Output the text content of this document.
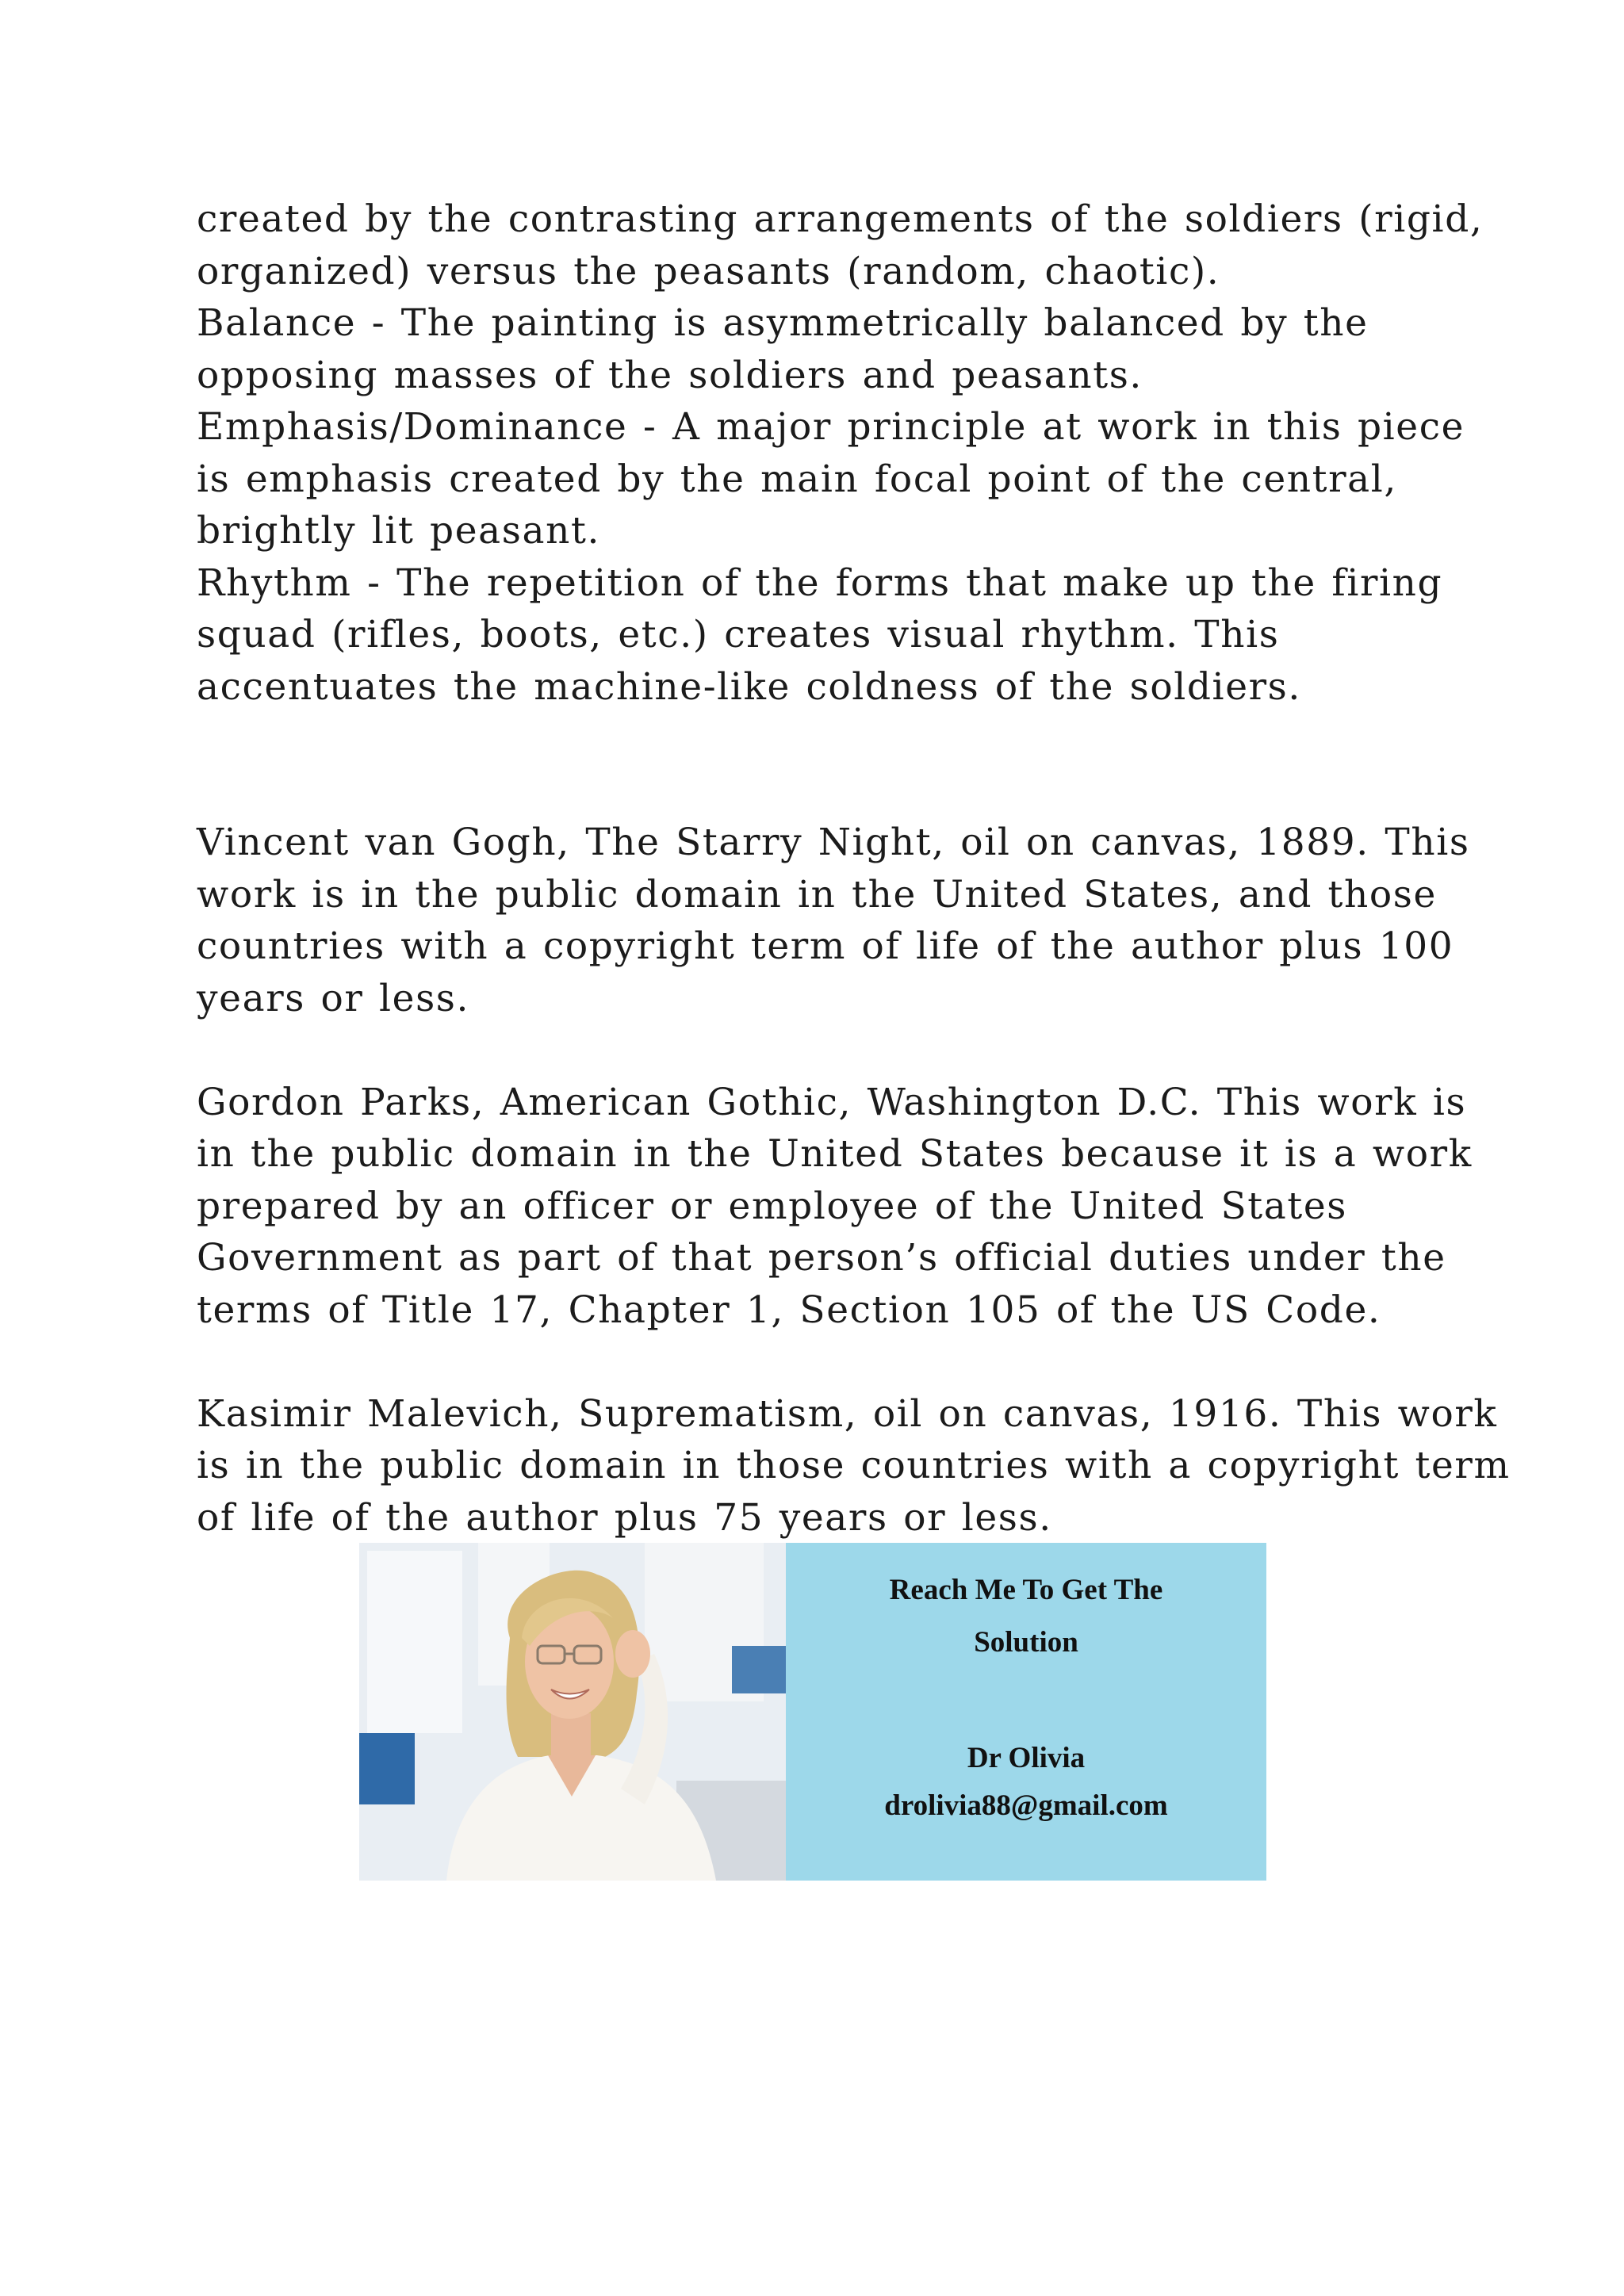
created by the contrasting arrangements of the soldiers (rigid,
organized) versus the peasants (random, chaotic).
Balance - The painting is asymmetrically balanced by the
opposing masses of the soldiers and peasants.
Emphasis/Dominance - A major principle at work in this piece
is emphasis created by the main focal point of the central,
brightly lit peasant.
Rhythm - The repetition of the forms that make up the firing
squad (rifles, boots, etc.) creates visual rhythm. This
accentuates the machine-like coldness of the soldiers.
Vincent van Gogh, The Starry Night, oil on canvas, 1889. This
work is in the public domain in the United States, and those
countries with a copyright term of life of the author plus 100
years or less.
Gordon Parks, American Gothic, Washington D.C. This work is
in the public domain in the United States because it is a work
prepared by an officer or employee of the United States
Government as part of that person’s official duties under the
terms of Title 17, Chapter 1, Section 105 of the US Code.
Kasimir Malevich, Suprematism, oil on canvas, 1916. This work
is in the public domain in those countries with a copyright term
of life of the author plus 75 years or less.
Reach Me To Get The
Solution
Dr Olivia
drolivia88@gmail.com
